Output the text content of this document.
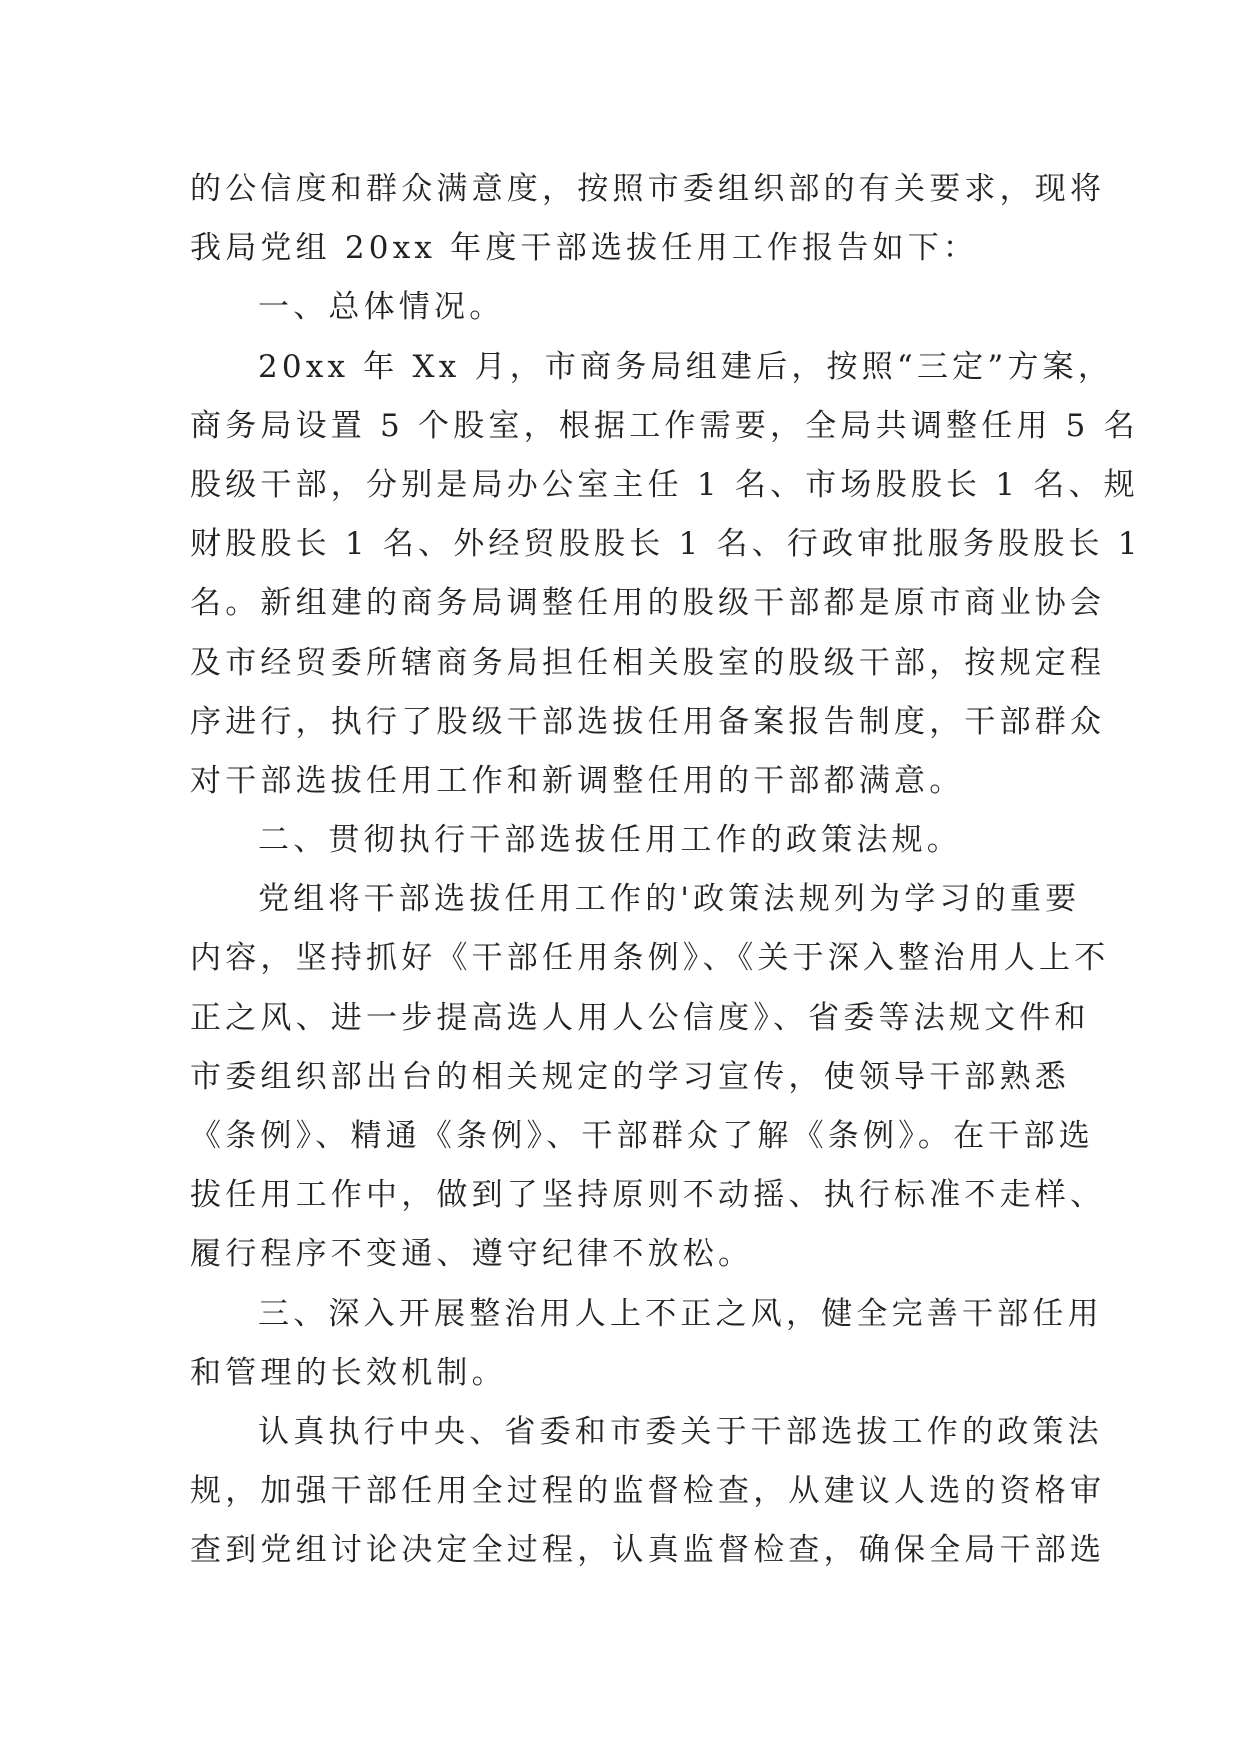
的公信度和群众满意度，按照市委组织部的有关要求，现将
我局党组 20xx 年度干部选拔任用工作报告如下：
一、总体情况。
20xx 年 Xx 月，市商务局组建后，按照“三定”方案，
商务局设置 5 个股室，根据工作需要，全局共调整任用 5 名
股级干部，分别是局办公室主任 1 名、市场股股长 1 名、规
财股股长 1 名、外经贸股股长 1 名、行政审批服务股股长 1
名。新组建的商务局调整任用的股级干部都是原市商业协会
及市经贸委所辖商务局担任相关股室的股级干部，按规定程
序进行，执行了股级干部选拔任用备案报告制度，干部群众
对干部选拔任用工作和新调整任用的干部都满意。
二、贯彻执行干部选拔任用工作的政策法规。
党组将干部选拔任用工作的'政策法规列为学习的重要
内容，坚持抓好《干部任用条例》、《关于深入整治用人上不
正之风、进一步提高选人用人公信度》、省委等法规文件和
市委组织部出台的相关规定的学习宣传，使领导干部熟悉
《条例》、精通《条例》、干部群众了解《条例》。在干部选
拔任用工作中，做到了坚持原则不动摇、执行标准不走样、
履行程序不变通、遵守纪律不放松。
三、深入开展整治用人上不正之风，健全完善干部任用
和管理的长效机制。
认真执行中央、省委和市委关于干部选拔工作的政策法
规，加强干部任用全过程的监督检查，从建议人选的资格审
查到党组讨论决定全过程，认真监督检查，确保全局干部选
